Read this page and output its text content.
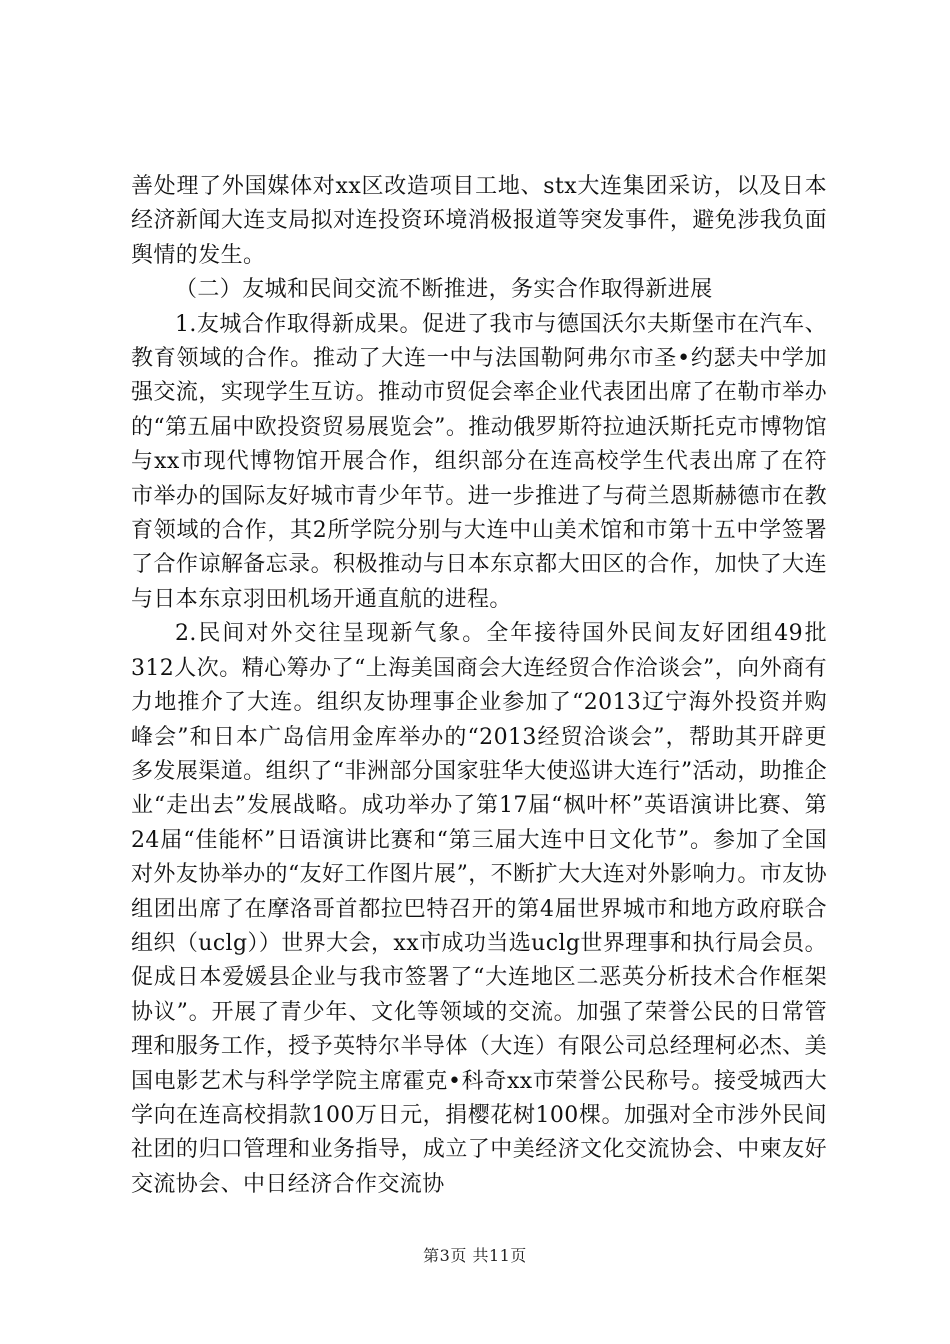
善处理了外国媒体对xx区改造项目工地、stx大连集团采访，以及日本经济新闻大连支局拟对连投资环境消极报道等突发事件，避免涉我负面舆情的发生。

（二）友城和民间交流不断推进，务实合作取得新进展

1.友城合作取得新成果。促进了我市与德国沃尔夫斯堡市在汽车、教育领域的合作。推动了大连一中与法国勒阿弗尔市圣•约瑟夫中学加强交流，实现学生互访。推动市贸促会率企业代表团出席了在勒市举办的“第五届中欧投资贸易展览会”。推动俄罗斯符拉迪沃斯托克市博物馆与xx市现代博物馆开展合作，组织部分在连高校学生代表出席了在符市举办的国际友好城市青少年节。进一步推进了与荷兰恩斯赫德市在教育领域的合作，其2所学院分别与大连中山美术馆和市第十五中学签署了合作谅解备忘录。积极推动与日本东京都大田区的合作，加快了大连与日本东京羽田机场开通直航的进程。

2.民间对外交往呈现新气象。全年接待国外民间友好团组49批312人次。精心筹办了“上海美国商会大连经贸合作洽谈会”，向外商有力地推介了大连。组织友协理事企业参加了“2013辽宁海外投资并购峰会”和日本广岛信用金库举办的“2013经贸洽谈会”，帮助其开辟更多发展渠道。组织了“非洲部分国家驻华大使巡讲大连行”活动，助推企业“走出去”发展战略。成功举办了第17届“枫叶杯”英语演讲比赛、第24届“佳能杯”日语演讲比赛和“第三届大连中日文化节”。参加了全国对外友协举办的“友好工作图片展”，不断扩大大连对外影响力。市友协组团出席了在摩洛哥首都拉巴特召开的第4届世界城市和地方政府联合组织（uclg））世界大会，xx市成功当选uclg世界理事和执行局会员。促成日本爱媛县企业与我市签署了“大连地区二恶英分析技术合作框架协议”。开展了青少年、文化等领域的交流。加强了荣誉公民的日常管理和服务工作，授予英特尔半导体（大连）有限公司总经理柯必杰、美国电影艺术与科学学院主席霍克•科奇xx市荣誉公民称号。接受城西大学向在连高校捐款100万日元，捐樱花树100棵。加强对全市涉外民间社团的归口管理和业务指导，成立了中美经济文化交流协会、中柬友好交流协会、中日经济合作交流协

第3页 共11页
